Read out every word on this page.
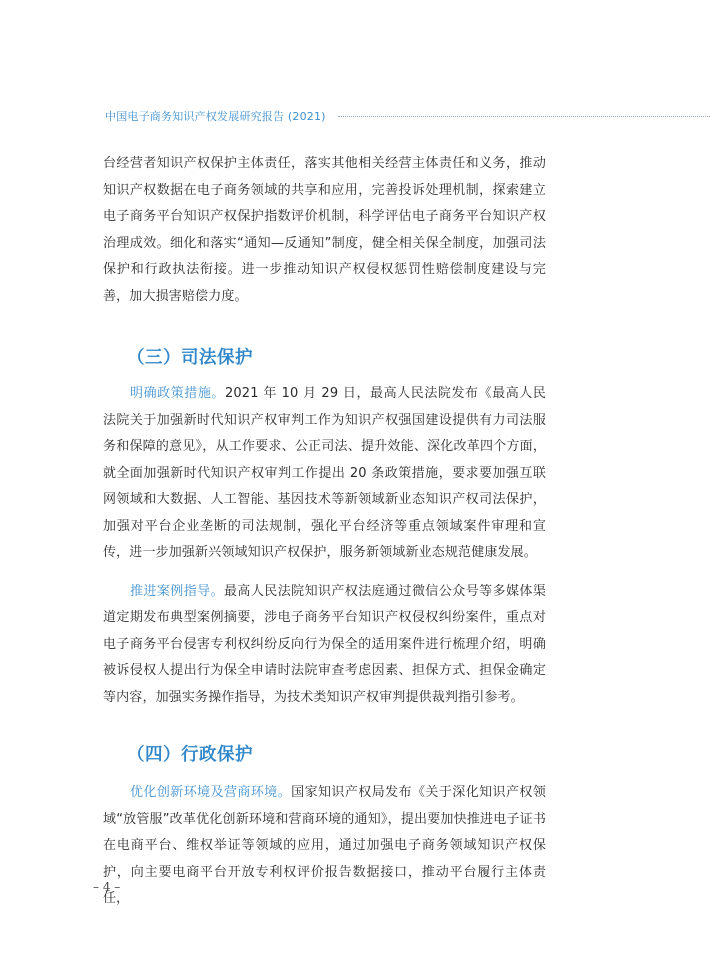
中国电子商务知识产权发展研究报告 (2021)

台经营者知识产权保护主体责任，落实其他相关经营主体责任和义务，推动知识产权数据在电子商务领域的共享和应用，完善投诉处理机制，探索建立电子商务平台知识产权保护指数评价机制，科学评估电子商务平台知识产权治理成效。细化和落实“通知—反通知”制度，健全相关保全制度，加强司法保护和行政执法衔接。进一步推动知识产权侵权惩罚性赔偿制度建设与完善，加大损害赔偿力度。

（三）司法保护

明确政策措施。2021 年 10 月 29 日，最高人民法院发布《最高人民法院关于加强新时代知识产权审判工作为知识产权强国建设提供有力司法服务和保障的意见》，从工作要求、公正司法、提升效能、深化改革四个方面，就全面加强新时代知识产权审判工作提出 20 条政策措施，要求要加强互联网领域和大数据、人工智能、基因技术等新领域新业态知识产权司法保护，加强对平台企业垄断的司法规制，强化平台经济等重点领域案件审理和宣传，进一步加强新兴领域知识产权保护，服务新领域新业态规范健康发展。

推进案例指导。最高人民法院知识产权法庭通过微信公众号等多媒体渠道定期发布典型案例摘要，涉电子商务平台知识产权侵权纠纷案件，重点对电子商务平台侵害专利权纠纷反向行为保全的适用案件进行梳理介绍，明确被诉侵权人提出行为保全申请时法院审查考虑因素、担保方式、担保金确定等内容，加强实务操作指导，为技术类知识产权审判提供裁判指引参考。

（四）行政保护

优化创新环境及营商环境。国家知识产权局发布《关于深化知识产权领域“放管服”改革优化创新环境和营商环境的通知》，提出要加快推进电子证书在电商平台、维权举证等领域的应用，通过加强电子商务领域知识产权保护，向主要电商平台开放专利权评价报告数据接口，推动平台履行主体责任，

– 4 –
